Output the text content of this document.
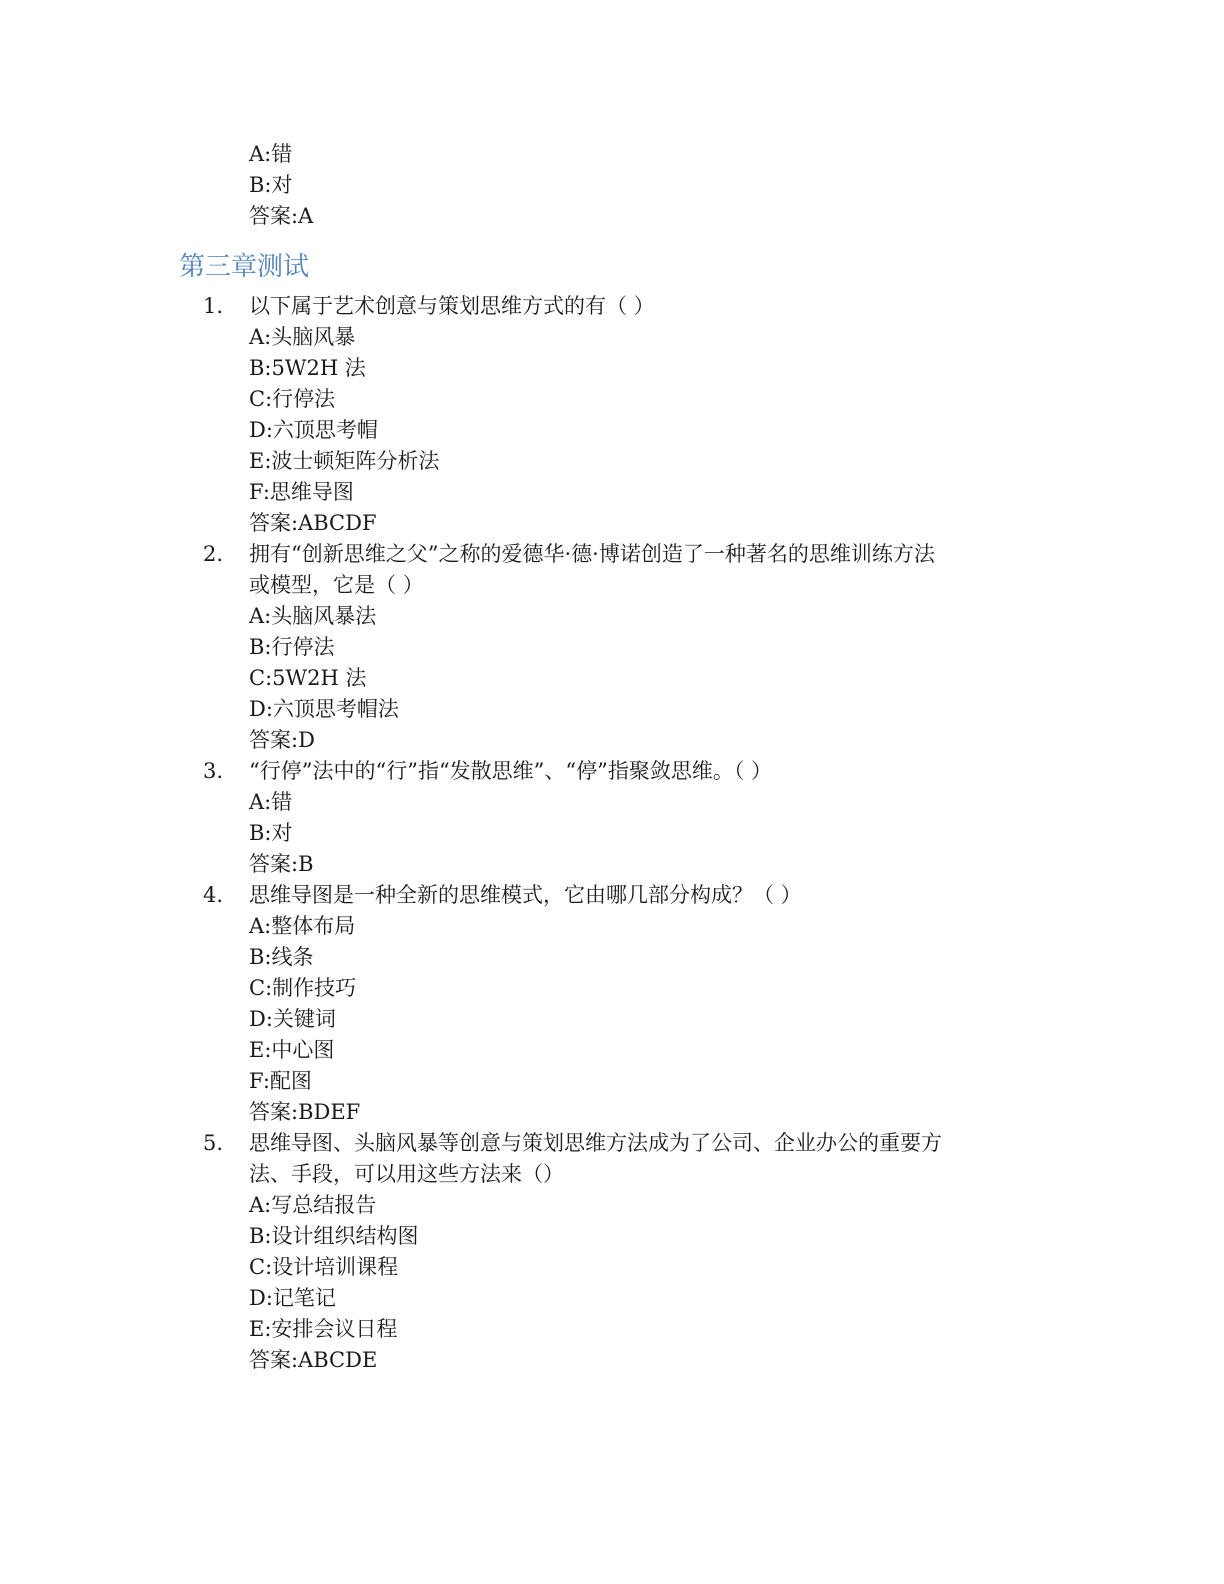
A:错
B:对
答案:A
第三章测试
1. 以下属于艺术创意与策划思维方式的有（ ）
A:头脑风暴
B:5W2H 法
C:行停法
D:六顶思考帽
E:波士顿矩阵分析法
F:思维导图
答案:ABCDF
2. 拥有“创新思维之父”之称的爱德华·德·博诺创造了一种著名的思维训练方法
或模型，它是（ ）
A:头脑风暴法
B:行停法
C:5W2H 法
D:六顶思考帽法
答案:D
3. “行停”法中的“行”指“发散思维”、“停”指聚敛思维。（ ）
A:错
B:对
答案:B
4. 思维导图是一种全新的思维模式，它由哪几部分构成？（ ）
A:整体布局
B:线条
C:制作技巧
D:关键词
E:中心图
F:配图
答案:BDEF
5. 思维导图、头脑风暴等创意与策划思维方法成为了公司、企业办公的重要方
法、手段，可以用这些方法来（）
A:写总结报告
B:设计组织结构图
C:设计培训课程
D:记笔记
E:安排会议日程
答案:ABCDE
